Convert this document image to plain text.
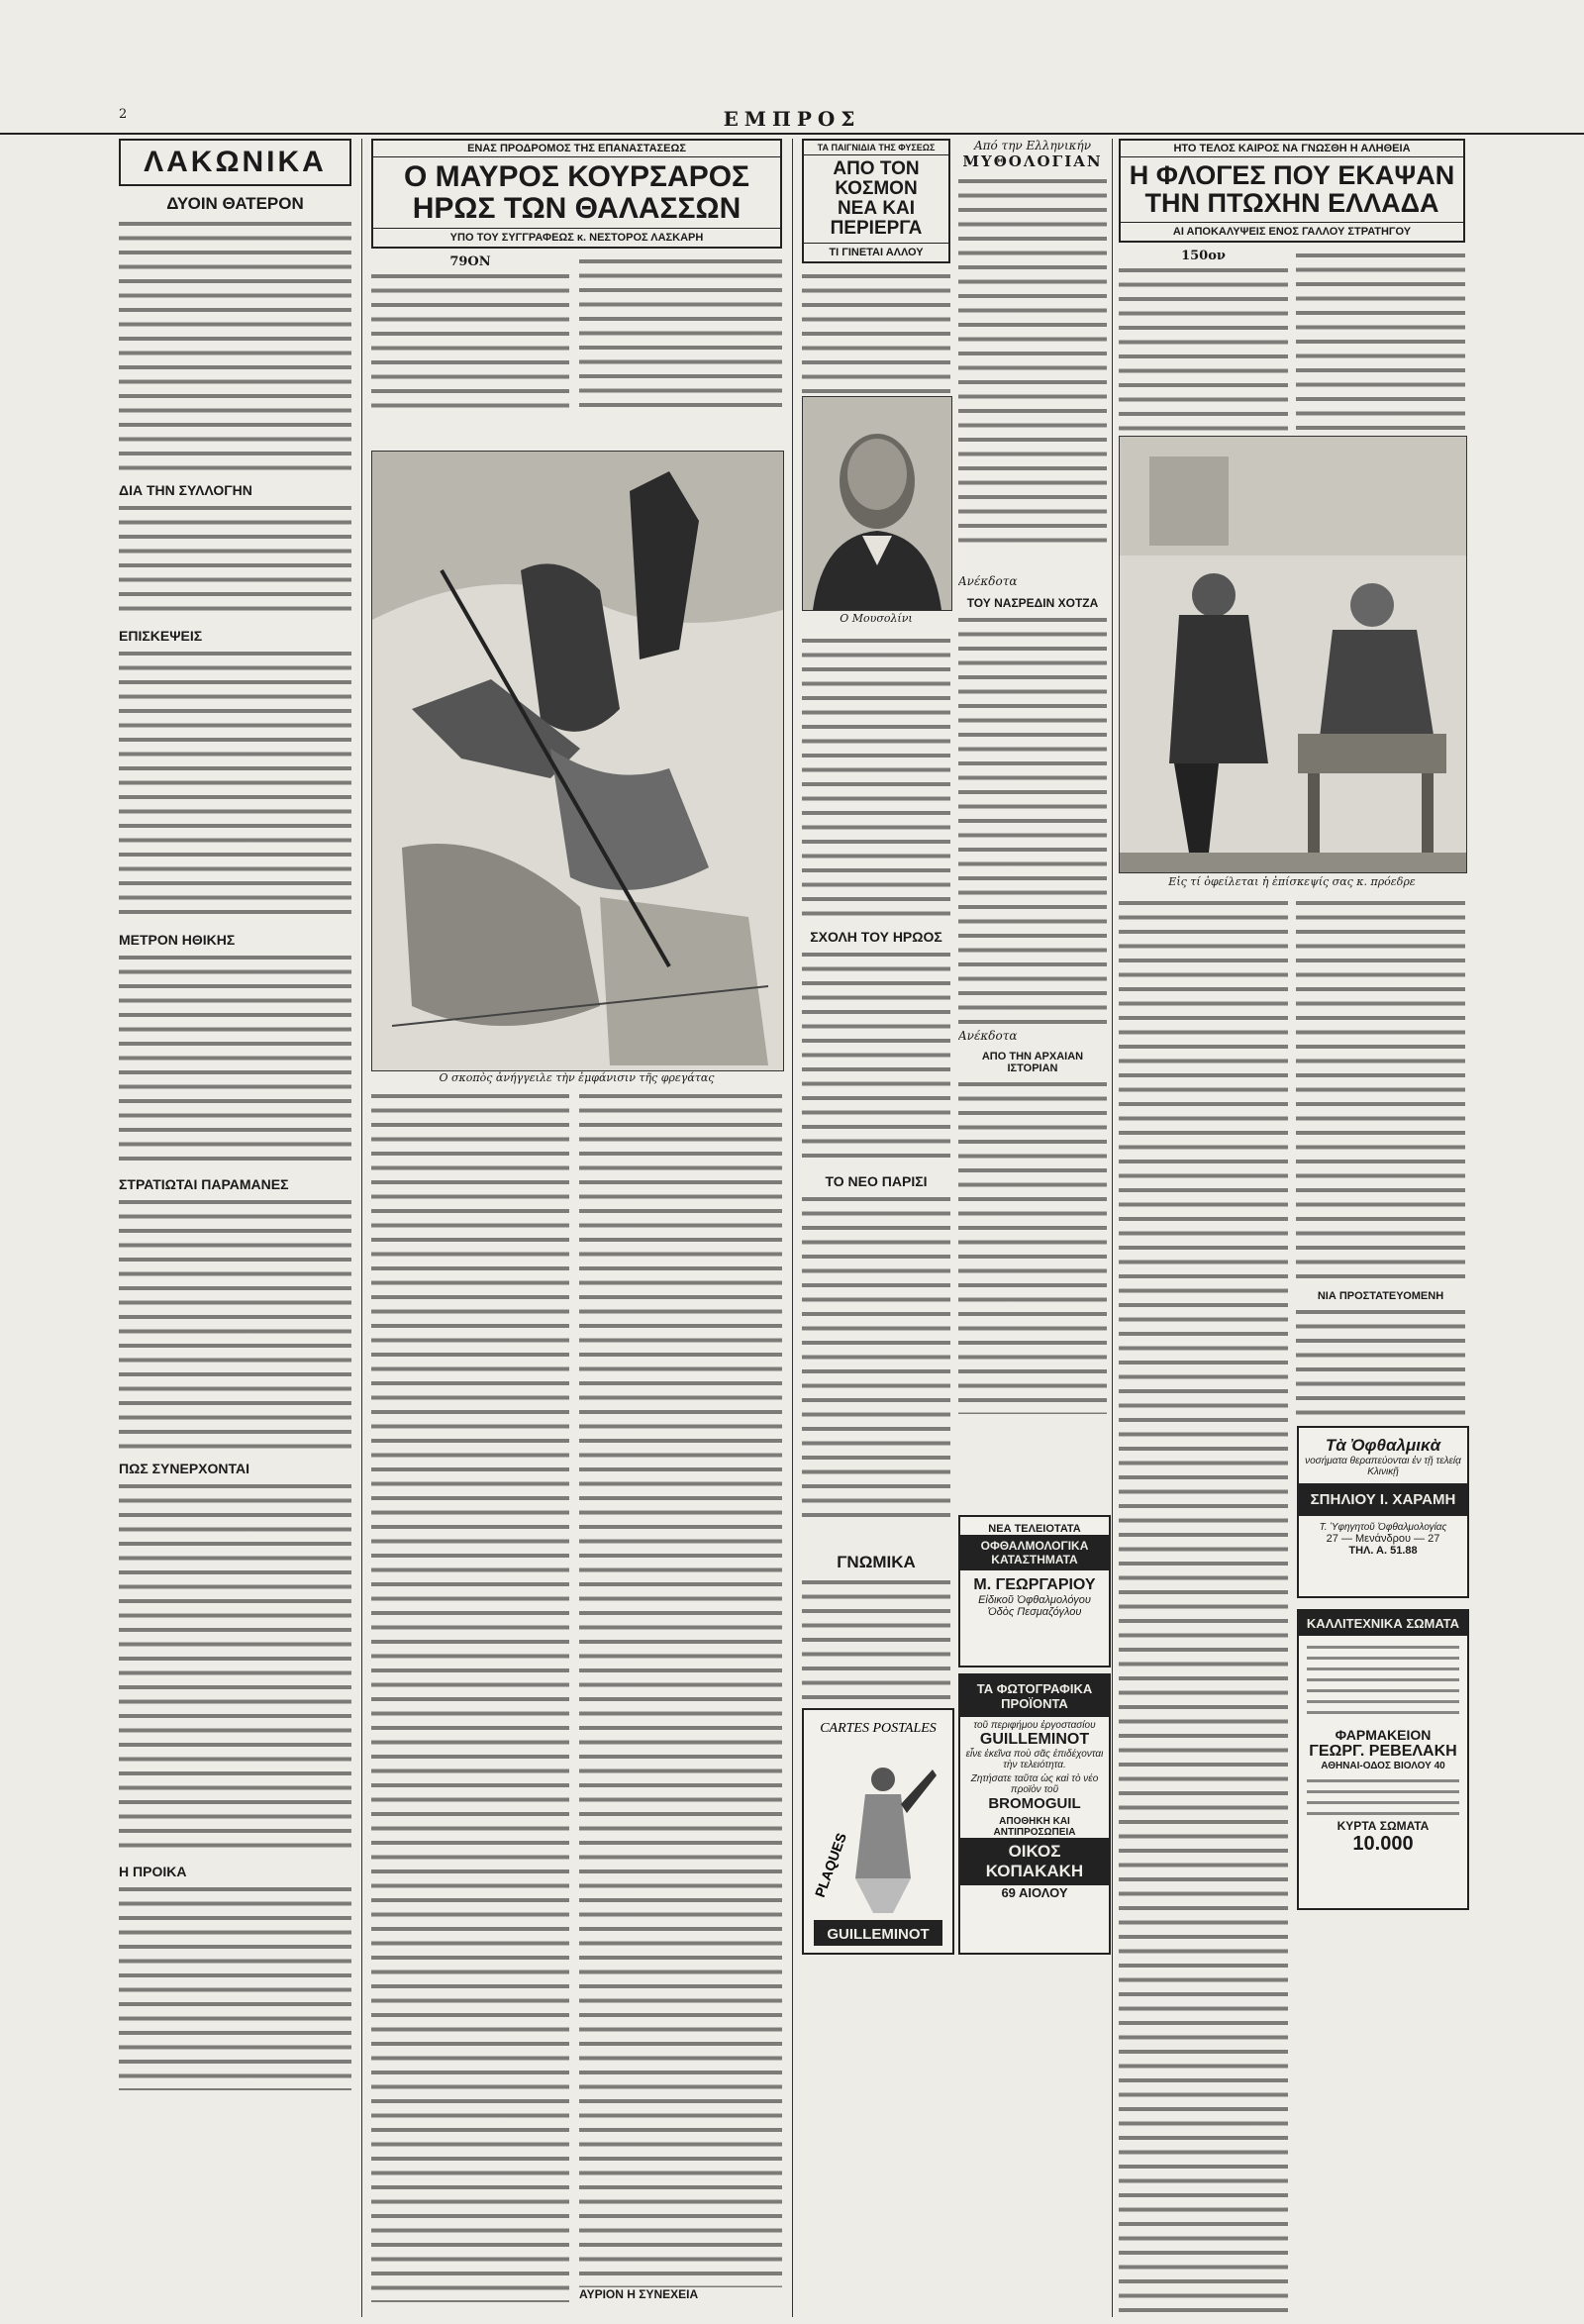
2	ΕΜΠΡΟΣ
ΛΑΚΩΝΙΚΑ
ΔΥΟΙΝ ΘΑΤΕΡΟΝ
ΔΙΑ ΤΗΝ ΣΥΛΛΟΓΗΝ
ΕΠΙΣΚΕΨΕΙΣ
ΜΕΤΡΟΝ ΗΘΙΚΗΣ
ΣΤΡΑΤΙΩΤΑΙ ΠΑΡΑΜΑΝΕΣ
ΠΩΣ ΣΥΝΕΡΧΟΝΤΑΙ
Η ΠΡΟΙΚΑ
ΕΝΑΣ ΠΡΟΔΡΟΜΟΣ ΤΗΣ ΕΠΑΝΑΣΤΑΣΕΩΣ
Ο ΜΑΥΡΟΣ ΚΟΥΡΣΑΡΟΣ
ΗΡΩΣ ΤΩΝ ΘΑΛΑΣΣΩΝ
ΥΠΟ ΤΟΥ ΣΥΓΓΡΑΦΕΩΣ κ. ΝΕΣΤΟΡΟΣ ΛΑΣΚΑΡΗ
79ΟΝ
Ο σκοπὸς ἀνήγγειλε τὴν ἐμφάνισιν τῆς φρεγάτας
ΑΥΡΙΟΝ Η ΣΥΝΕΧΕΙΑ
ΤΑ ΠΑΙΓΝΙΔΙΑ ΤΗΣ ΦΥΣΕΩΣ
ΑΠΟ ΤΟΝ ΚΟΣΜΟΝ
ΝΕΑ ΚΑΙ ΠΕΡΙΕΡΓΑ
ΤΙ ΓΙΝΕΤΑΙ ΑΛΛΟΥ
Ο Μουσολίνι
ΣΧΟΛΗ ΤΟΥ ΗΡΩΟΣ
ΤΟ ΝΕΟ ΠΑΡΙΣΙ
Από την Ελληνικήν
ΜΥΘΟΛΟΓΙΑΝ
Ανέκδοτα
ΤΟΥ ΝΑΣΡΕΔΙΝ ΧΟΤΖΑ
Ανέκδοτα
ΑΠΟ ΤΗΝ ΑΡΧΑΙΑΝ ΙΣΤΟΡΙΑΝ
ΓΝΩΜΙΚΑ
ΝΕΑ ΤΕΛΕΙΟΤΑΤΑ
ΟΦΘΑΛΜΟΛΟΓΙΚΑ ΚΑΤΑΣΤΗΜΑΤΑ
Μ. ΓΕΩΡΓΑΡΙΟΥ
Εἰδικοῦ Ὀφθαλμολόγου
Ὁδὸς Πεσμαζόγλου
CARTES POSTALES
PLAQUES
GUILLEMINOT
ΤΑ ΦΩΤΟΓΡΑΦΙΚΑ ΠΡΟΪΟΝΤΑ
τοῦ περιφήμου ἐργοστασίου
GUILLEMINOT
εἶνε ἐκεῖνα ποὺ σᾶς ἐπιδέχονται τὴν τελειότητα.
Ζητήσατε ταῦτα ὡς καὶ τὸ νέο προϊὸν τοῦ
BROMOGUIL
ΑΠΟΘΗΚΗ ΚΑΙ ΑΝΤΙΠΡΟΣΩΠΕΙΑ
ΟΙΚΟΣ ΚΟΠΑΚΑΚΗ
69 ΑΙΟΛΟΥ
ΗΤΟ ΤΕΛΟΣ ΚΑΙΡΟΣ ΝΑ ΓΝΩΣΘΗ Η ΑΛΗΘΕΙΑ
Η ΦΛΟΓΕΣ ΠΟΥ ΕΚΑΨΑΝ
ΤΗΝ ΠΤΩΧΗΝ ΕΛΛΑΔΑ
ΑΙ ΑΠΟΚΑΛΥΨΕΙΣ ΕΝΟΣ ΓΑΛΛΟΥ ΣΤΡΑΤΗΓΟΥ
150ον
Εἰς τί ὀφείλεται ἡ ἐπίσκεψίς σας κ. πρόεδρε
ΝΙΑ ΠΡΟΣΤΑΤΕΥΟΜΕΝΗ
Τὰ Ὀφθαλμικὰ
νοσήματα θεραπεύονται ἐν τῇ τελείᾳ Κλινικῇ
ΣΠΗΛΙΟΥ Ι. ΧΑΡΑΜΗ
Τ. Ὑφηγητοῦ Ὀφθαλμολογίας
27 — Μενάνδρου — 27
ΤΗΛ. Α. 51.88
ΚΑΛΛΙΤΕΧΝΙΚΑ ΣΩΜΑΤΑ
ΦΑΡΜΑΚΕΙΟΝ
ΓΕΩΡΓ. ΡΕΒΕΛΑΚΗ
ΑΘΗΝΑΙ-ΟΔΟΣ ΒΙΟΛΟΥ 40
ΚΥΡΤΑ ΣΩΜΑΤΑ
10.000
